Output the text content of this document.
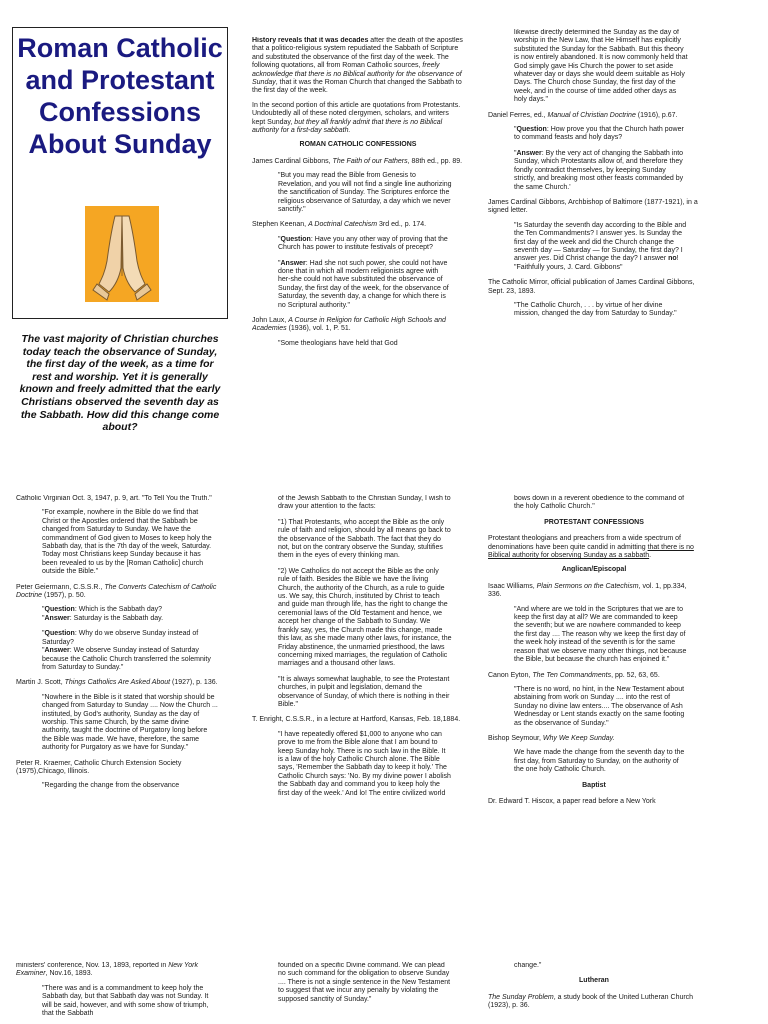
Roman Catholic and Protestant Confessions About Sunday
The vast majority of Christian churches today teach the observance of Sunday, the first day of the week, as a time for rest and worship. Yet it is generally known and freely admitted that the early Christians observed the seventh day as the Sabbath. How did this change come about?

History reveals that it was decades after the death of the apostles that a politico-religious system repudiated the Sabbath of Scripture and substituted the observance of the first day of the week. The following quotations, all from Roman Catholic sources, freely acknowledge that there is no Biblical authority for the observance of Sunday, that it was the Roman Church that changed the Sabbath to the first day of the week.

In the second portion of this article are quotations from Protestants. Undoubtedly all of these noted clergymen, scholars, and writers kept Sunday, but they all frankly admit that there is no Biblical authority for a first-day sabbath.

ROMAN CATHOLIC CONFESSIONS

James Cardinal Gibbons, The Faith of our Fathers, 88th ed., pp. 89.

"But you may read the Bible from Genesis to Revelation, and you will not find a single line authorizing the sanctification of Sunday. The Scriptures enforce the religious observance of Saturday, a day which we never sanctify."

Stephen Keenan, A Doctrinal Catechism 3rd ed., p. 174.

"Question: Have you any other way of proving that the Church has power to institute festivals of precept?

"Answer: Had she not such power, she could not have done that in which all modern religionists agree with her-she could not have substituted the observance of Sunday, the first day of the week, for the observance of Saturday, the seventh day, a change for which there is no Scriptural authority."

John Laux, A Course in Religion for Catholic High Schools and Academies (1936), vol. 1, P. 51.

"Some theologians have held that God

likewise directly determined the Sunday as the day of worship in the New Law, that He Himself has explicitly substituted the Sunday for the Sabbath. But this theory is now entirely abandoned. It is now commonly held that God simply gave His Church the power to set aside whatever day or days she would deem suitable as Holy Days. The Church chose Sunday, the first day of the week, and in the course of time added other days as holy days."

Daniel Ferres, ed., Manual of Christian Doctrine (1916), p.67.

"Question: How prove you that the Church hath power to command feasts and holy days?

"Answer: By the very act of changing the Sabbath into Sunday, which Protestants allow of, and therefore they fondly contradict themselves, by keeping Sunday strictly, and breaking most other feasts commanded by the same Church.'

James Cardinal Gibbons, Archbishop of Baltimore (1877-1921), in a signed letter.

"Is Saturday the seventh day according to the Bible and the Ten Commandments? I answer yes. Is Sunday the first day of the week and did the Church change the seventh day — Saturday — for Sunday, the first day? I answer yes. Did Christ change the day? I answer no!
"Faithfully yours, J. Card. Gibbons"

The Catholic Mirror, official publication of James Cardinal Gibbons, Sept. 23, 1893.

"The Catholic Church, . . . by virtue of her divine mission, changed the day from Saturday to Sunday."

Catholic Virginian Oct. 3, 1947, p. 9, art. "To Tell You the Truth."

"For example, nowhere in the Bible do we find that Christ or the Apostles ordered that the Sabbath be changed from Saturday to Sunday. We have the commandment of God given to Moses to keep holy the Sabbath day, that is the 7th day of the week, Saturday. Today most Christians keep Sunday because it has been revealed to us by the [Roman Catholic] church outside the Bible."

Peter Geiermann, C.S.S.R., The Converts Catechism of Catholic Doctrine (1957), p. 50.

"Question: Which is the Sabbath day?
"Answer: Saturday is the Sabbath day.

"Question: Why do we observe Sunday instead of Saturday?
"Answer: We observe Sunday instead of Saturday because the Catholic Church transferred the solemnity from Saturday to Sunday."

Martin J. Scott, Things Catholics Are Asked About (1927), p. 136.

"Nowhere in the Bible is it stated that worship should be changed from Saturday to Sunday .... Now the Church ... instituted, by God's authority, Sunday as the day of worship. This same Church, by the same divine authority, taught the doctrine of Purgatory long before the Bible was made. We have, therefore, the same authority for Purgatory as we have for Sunday."

Peter R. Kraemer, Catholic Church Extension Society (1975),Chicago, Illinois.

"Regarding the change from the observance

of the Jewish Sabbath to the Christian Sunday, I wish to draw your attention to the facts:

"1) That Protestants, who accept the Bible as the only rule of faith and religion, should by all means go back to the observance of the Sabbath. The fact that they do not, but on the contrary observe the Sunday, stultifies them in the eyes of every thinking man.

"2) We Catholics do not accept the Bible as the only rule of faith. Besides the Bible we have the living Church, the authority of the Church, as a rule to guide us. We say, this Church, instituted by Christ to teach and guide man through life, has the right to change the ceremonial laws of the Old Testament and hence, we accept her change of the Sabbath to Sunday. We frankly say, yes, the Church made this change, made this law, as she made many other laws, for instance, the Friday abstinence, the unmarried priesthood, the laws concerning mixed marriages, the regulation of Catholic marriages and a thousand other laws.

"It is always somewhat laughable, to see the Protestant churches, in pulpit and legislation, demand the observance of Sunday, of which there is nothing in their Bible."

T. Enright, C.S.S.R., in a lecture at Hartford, Kansas, Feb. 18,1884.

"I have repeatedly offered $1,000 to anyone who can prove to me from the Bible alone that I am bound to keep Sunday holy. There is no such law in the Bible. It is a law of the holy Catholic Church alone. The Bible says, 'Remember the Sabbath day to keep it holy.' The Catholic Church says: 'No. By my divine power I abolish the Sabbath day and command you to keep holy the first day of the week.' And lo! The entire civilized world

bows down in a reverent obedience to the command of the holy Catholic Church."

PROTESTANT CONFESSIONS

Protestant theologians and preachers from a wide spectrum of denominations have been quite candid in admitting that there is no Biblical authority for observing Sunday as a sabbath.

Anglican/Episcopal

Isaac Williams, Plain Sermons on the Catechism, vol. 1, pp.334, 336.

"And where are we told in the Scriptures that we are to keep the first day at all? We are commanded to keep the seventh; but we are nowhere commanded to keep the first day .... The reason why we keep the first day of the week holy instead of the seventh is for the same reason that we observe many other things, not because the Bible, but because the church has enjoined it."

Canon Eyton, The Ten Commandments, pp. 52, 63, 65.

"There is no word, no hint, in the New Testament about abstaining from work on Sunday .... into the rest of Sunday no divine law enters.... The observance of Ash Wednesday or Lent stands exactly on the same footing as the observance of Sunday."

Bishop Seymour, Why We Keep Sunday.

We have made the change from the seventh day to the first day, from Saturday to Sunday, on the authority of the one holy Catholic Church.

Baptist

Dr. Edward T. Hiscox, a paper read before a New York

ministers' conference, Nov. 13, 1893, reported in New York Examiner, Nov.16, 1893.

"There was and is a commandment to keep holy the Sabbath day, but that Sabbath day was not Sunday. It will be said, however, and with some show of triumph, that the Sabbath

founded on a specific Divine command. We can plead no such command for the obligation to observe Sunday .... There is not a single sentence in the New Testament to suggest that we incur any penalty by violating the supposed sanctity of Sunday."

change."

Lutheran

The Sunday Problem, a study book of the United Lutheran Church (1923), p. 36.
